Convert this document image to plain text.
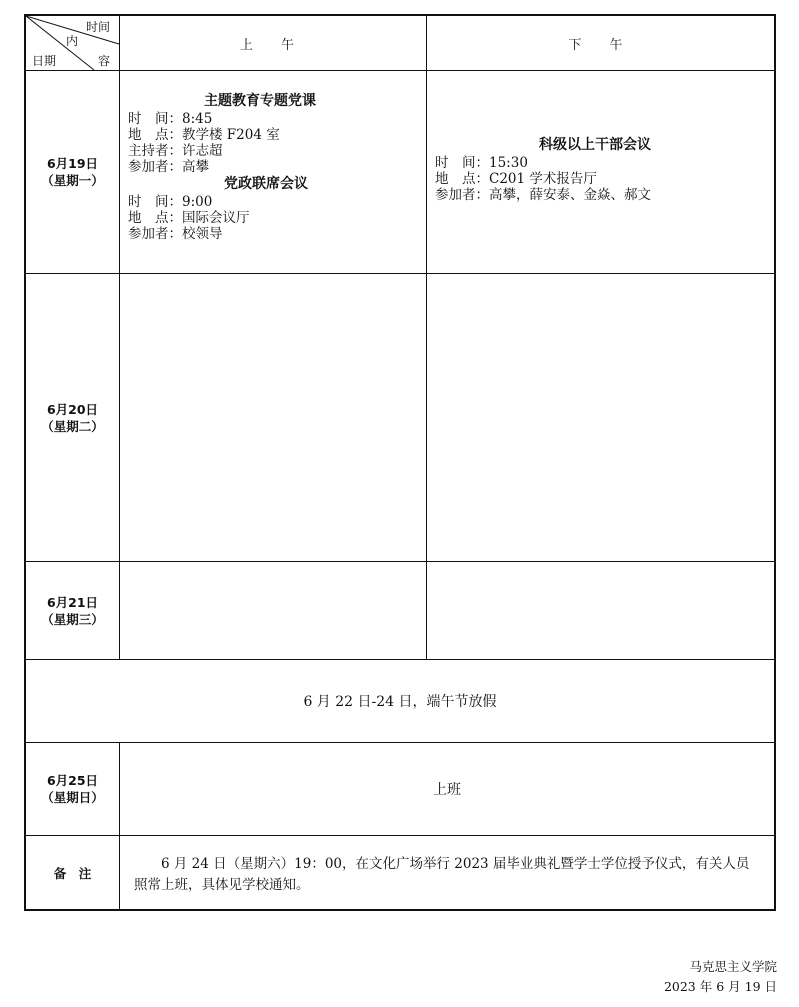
时间
内
容
日期
上 午	下 午
6月19日
（星期一）
主题教育专题党课
时　间：8:45
地　点：教学楼 F204 室
主持者：许志超
参加者：高攀
党政联席会议
时　间：9:00
地　点：国际会议厅
参加者：校领导
科级以上干部会议
时　间：15:30
地　点：C201 学术报告厅
参加者：高攀，薛安泰、金焱、郝文
6月20日
（星期二）
6月21日
（星期三）
6 月 22 日-24 日，端午节放假
6月25日
（星期日）	上班
备　注
6 月 24 日（星期六）19：00，在文化广场举行 2023 届毕业典礼暨学士学位授予仪式，有关人员照常上班，具体见学校通知。
马克思主义学院
2023 年 6 月 19 日
